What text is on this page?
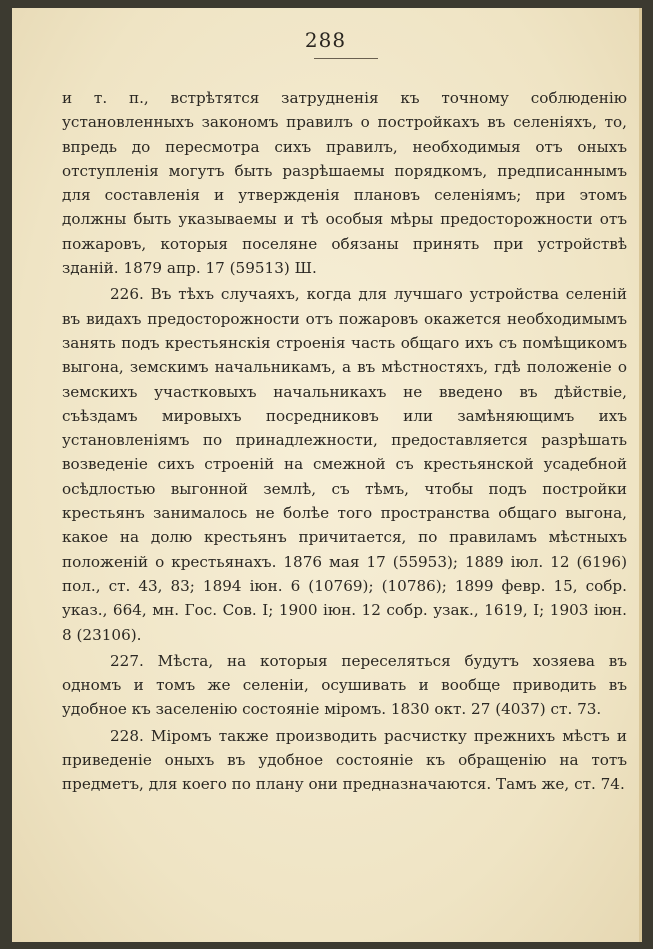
288

и т. п., встрѣтятся затрудненія къ точному соблюденію установленныхъ закономъ правилъ о постройкахъ въ селеніяхъ, то, впредь до пересмотра сихъ правилъ, необходимыя отъ оныхъ отступленія могутъ быть разрѣшаемы порядкомъ, предписаннымъ для составленія и утвержденія плановъ селеніямъ; при этомъ должны быть указываемы и тѣ особыя мѣры предосторожности отъ пожаровъ, которыя поселяне обязаны принять при устройствѣ зданій. 1879 апр. 17 (59513) Ш.

226. Въ тѣхъ случаяхъ, когда для лучшаго устройства селеній въ видахъ предосторожности отъ пожаровъ окажется необходимымъ занять подъ крестьянскія строенія часть общаго ихъ съ помѣщикомъ выгона, земскимъ начальникамъ, а въ мѣстностяхъ, гдѣ положеніе о земскихъ участковыхъ начальникахъ не введено въ дѣйствіе, съѣздамъ мировыхъ посредниковъ или замѣняющимъ ихъ установленіямъ по принадлежности, предоставляется разрѣшать возведеніе сихъ строеній на смежной съ крестьянской усадебной осѣдлостью выгонной землѣ, съ тѣмъ, чтобы подъ постройки крестьянъ занималось не болѣе того пространства общаго выгона, какое на долю крестьянъ причитается, по правиламъ мѣстныхъ положеній о крестьянахъ. 1876 мая 17 (55953); 1889 іюл. 12 (6196) пол., ст. 43, 83; 1894 іюн. 6 (10769); (10786); 1899 февр. 15, собр. указ., 664, мн. Гос. Сов. I; 1900 іюн. 12 собр. узак., 1619, I; 1903 іюн. 8 (23106).

227. Мѣста, на которыя переселяться будутъ хозяева въ одномъ и томъ же селеніи, осушивать и вообще приводить въ удобное къ заселенію состояніе міромъ. 1830 окт. 27 (4037) ст. 73.

228. Міромъ также производить расчистку прежнихъ мѣстъ и приведеніе оныхъ въ удобное состояніе къ обращенію на тотъ предметъ, для коего по плану они предназначаются. Тамъ же, ст. 74.
